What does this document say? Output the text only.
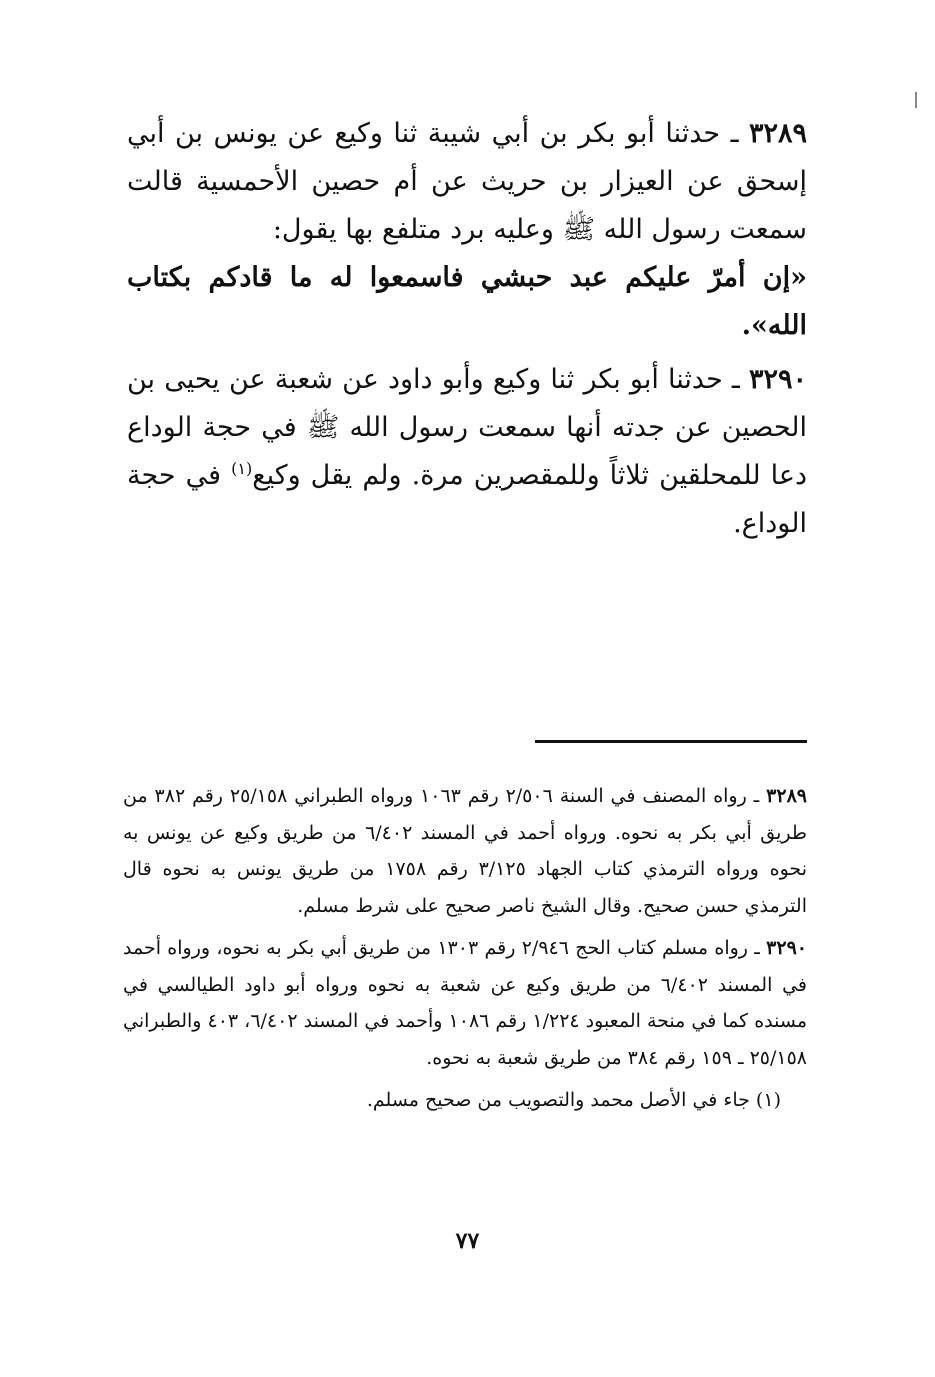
٣٢٨٩ ـ حدثنا أبو بكر بن أبي شيبة ثنا وكيع عن يونس بن أبي إسحق عن العيزار بن حريث عن أم حصين الأحمسية قالت سمعت رسول الله ﷺ وعليه برد متلفع بها يقول:
«إن أمرّ عليكم عبد حبشي فاسمعوا له ما قادكم بكتاب الله».

٣٢٩٠ ـ حدثنا أبو بكر ثنا وكيع وأبو داود عن شعبة عن يحيى بن الحصين عن جدته أنها سمعت رسول الله ﷺ في حجة الوداع دعا للمحلقين ثلاثاً وللمقصرين مرة. ولم يقل وكيع$^{(١)}$ في حجة الوداع.

٣٢٨٩ ـ رواه المصنف في السنة ٢/٥٠٦ رقم ١٠٦٣ ورواه الطبراني ٢٥/١٥٨ رقم ٣٨٢ من طريق أبي بكر به نحوه. ورواه أحمد في المسند ٦/٤٠٢ من طريق وكيع عن يونس به نحوه ورواه الترمذي كتاب الجهاد ٣/١٢٥ رقم ١٧٥٨ من طريق يونس به نحوه قال الترمذي حسن صحيح. وقال الشيخ ناصر صحيح على شرط مسلم.

٣٢٩٠ ـ رواه مسلم كتاب الحج ٢/٩٤٦ رقم ١٣٠٣ من طريق أبي بكر به نحوه، ورواه أحمد في المسند ٦/٤٠٢ من طريق وكيع عن شعبة به نحوه ورواه أبو داود الطيالسي في مسنده كما في منحة المعبود ١/٢٢٤ رقم ١٠٨٦ وأحمد في المسند ٦/٤٠٢، ٤٠٣ والطبراني ٢٥/١٥٨ ـ ١٥٩ رقم ٣٨٤ من طريق شعبة به نحوه.

(١) جاء في الأصل محمد والتصويب من صحيح مسلم.

٧٧
